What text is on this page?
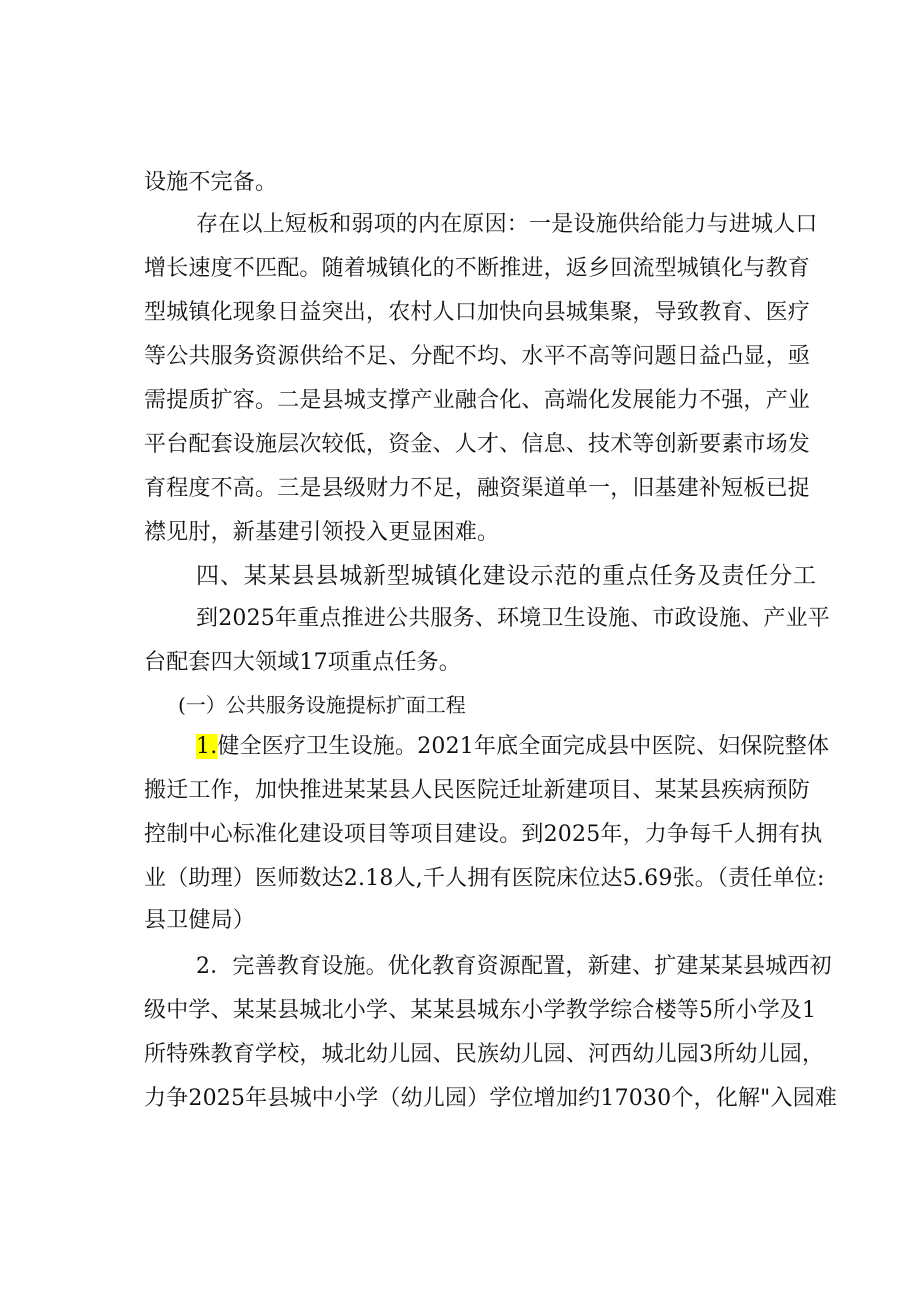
设施不完备。
存在以上短板和弱项的内在原因：一是设施供给能力与进城人口
增长速度不匹配。随着城镇化的不断推进，返乡回流型城镇化与教育
型城镇化现象日益突出，农村人口加快向县城集聚，导致教育、医疗
等公共服务资源供给不足、分配不均、水平不高等问题日益凸显，亟
需提质扩容。二是县城支撑产业融合化、高端化发展能力不强，产业
平台配套设施层次较低，资金、人才、信息、技术等创新要素市场发
育程度不高。三是县级财力不足，融资渠道单一，旧基建补短板已捉
襟见肘，新基建引领投入更显困难。
四、某某县县城新型城镇化建设示范的重点任务及责任分工
到2025年重点推进公共服务、环境卫生设施、市政设施、产业平
台配套四大领域17项重点任务。
(一）公共服务设施提标扩面工程
1.健全医疗卫生设施。2021年底全面完成县中医院、妇保院整体
搬迁工作，加快推进某某县人民医院迁址新建项目、某某县疾病预防
控制中心标准化建设项目等项目建设。到2025年，力争每千人拥有执
业（助理）医师数达2.18人,千人拥有医院床位达5.69张。（责任单位:
县卫健局）
2．完善教育设施。优化教育资源配置，新建、扩建某某县城西初
级中学、某某县城北小学、某某县城东小学教学综合楼等5所小学及1
所特殊教育学校，城北幼儿园、民族幼儿园、河西幼儿园3所幼儿园，
力争2025年县城中小学（幼儿园）学位增加约17030个，化解"入园难
